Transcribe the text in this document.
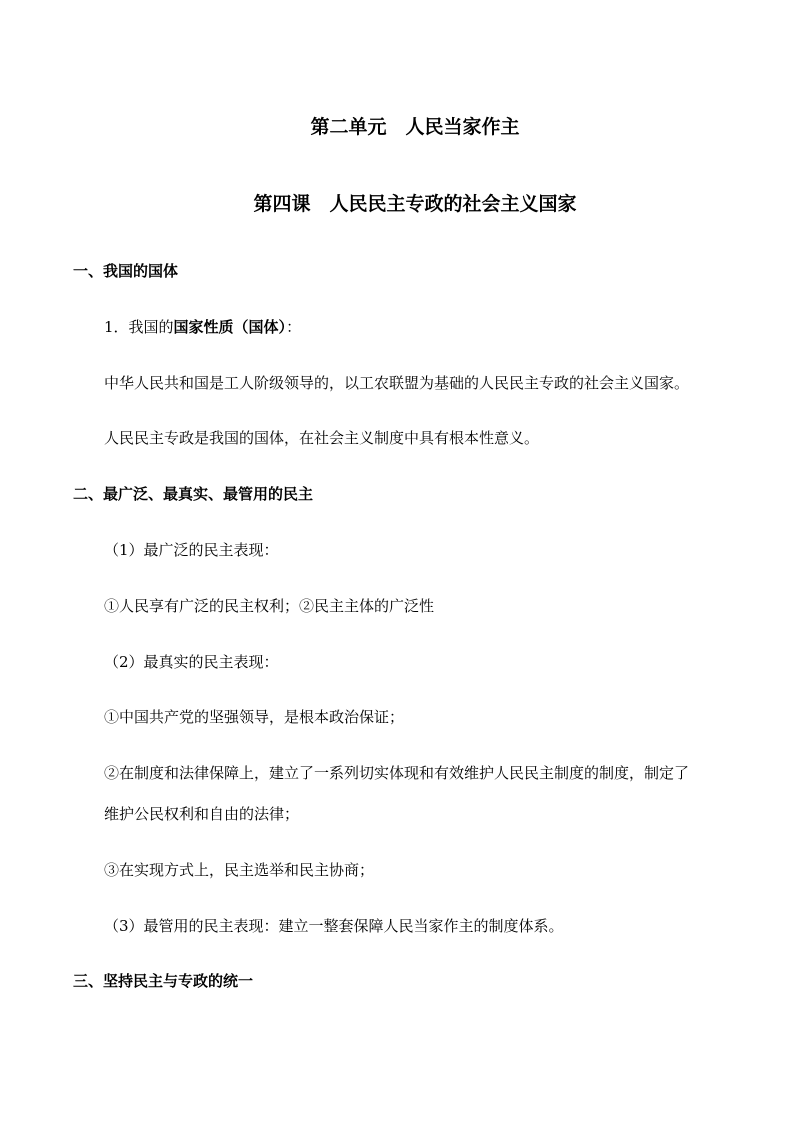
第二单元　人民当家作主
第四课　人民民主专政的社会主义国家
一、我国的国体
1．我国的国家性质（国体）：
中华人民共和国是工人阶级领导的，以工农联盟为基础的人民民主专政的社会主义国家。
人民民主专政是我国的国体，在社会主义制度中具有根本性意义。
二、最广泛、最真实、最管用的民主
（1）最广泛的民主表现：
①人民享有广泛的民主权利；②民主主体的广泛性
（2）最真实的民主表现：
①中国共产党的坚强领导，是根本政治保证；
②在制度和法律保障上，建立了一系列切实体现和有效维护人民民主制度的制度，制定了
维护公民权利和自由的法律；
③在实现方式上，民主选举和民主协商；
（3）最管用的民主表现：建立一整套保障人民当家作主的制度体系。
三、坚持民主与专政的统一
